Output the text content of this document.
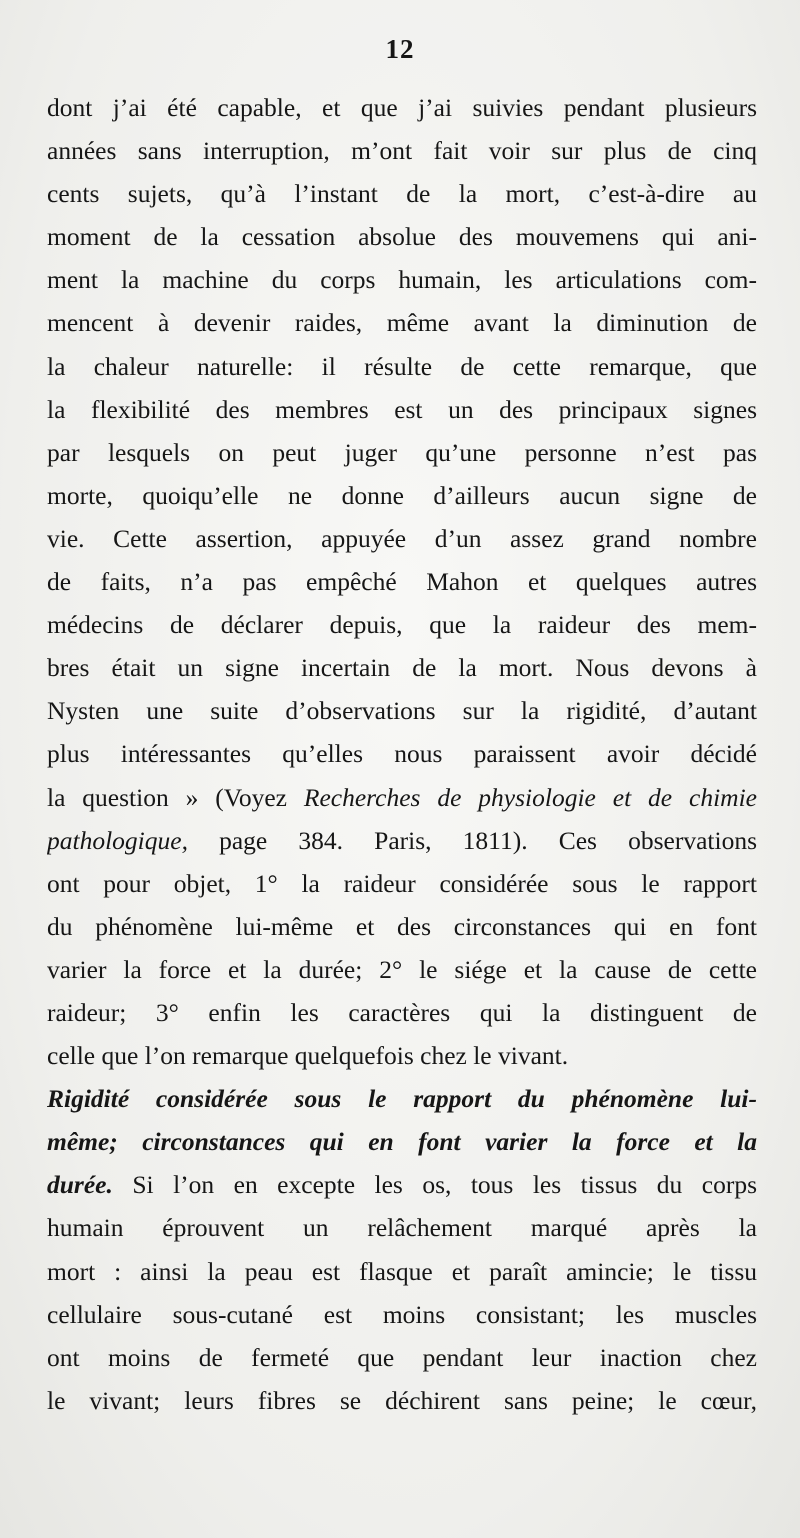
12
dont j’ai été capable, et que j’ai suivies pendant plusieurs
années sans interruption, m’ont fait voir sur plus de cinq
cents sujets, qu’à l’instant de la mort, c’est-à-dire au
moment de la cessation absolue des mouvemens qui ani-
ment la machine du corps humain, les articulations com-
mencent à devenir raides, même avant la diminution de
la chaleur naturelle: il résulte de cette remarque, que
la flexibilité des membres est un des principaux signes
par lesquels on peut juger qu’une personne n’est pas
morte, quoiqu’elle ne donne d’ailleurs aucun signe de
vie. Cette assertion, appuyée d’un assez grand nombre
de faits, n’a pas empêché Mahon et quelques autres
médecins de déclarer depuis, que la raideur des mem-
bres était un signe incertain de la mort. Nous devons à
Nysten une suite d’observations sur la rigidité, d’autant
plus intéressantes qu’elles nous paraissent avoir décidé
la question » (Voyez Recherches de physiologie et de chimie
pathologique, page 384. Paris, 1811). Ces observations
ont pour objet, 1° la raideur considérée sous le rapport
du phénomène lui-même et des circonstances qui en font
varier la force et la durée; 2° le siége et la cause de cette
raideur; 3° enfin les caractères qui la distinguent de
celle que l’on remarque quelquefois chez le vivant.
Rigidité considérée sous le rapport du phénomène lui-
même; circonstances qui en font varier la force et la
durée. Si l’on en excepte les os, tous les tissus du corps
humain éprouvent un relâchement marqué après la
mort : ainsi la peau est flasque et paraît amincie; le tissu
cellulaire sous-cutané est moins consistant; les muscles
ont moins de fermeté que pendant leur inaction chez
le vivant; leurs fibres se déchirent sans peine; le cœur,
